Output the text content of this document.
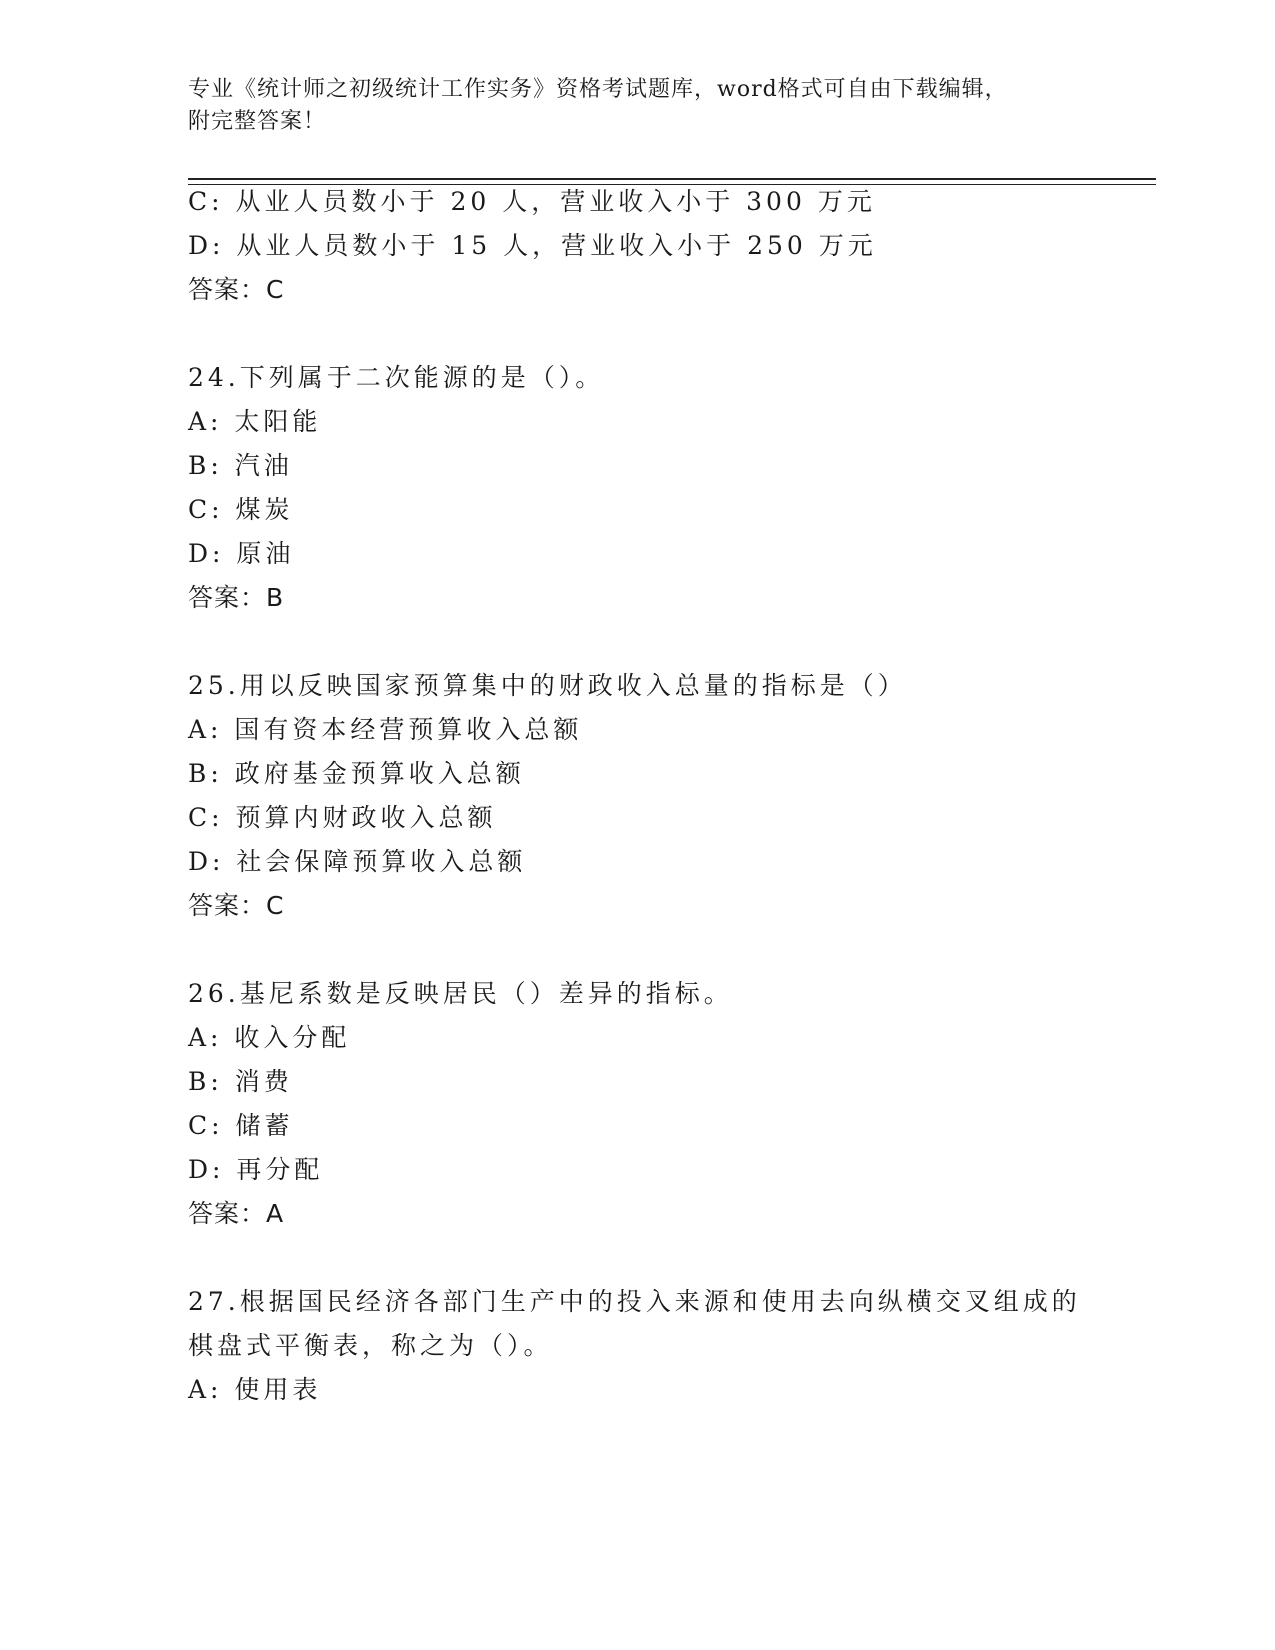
专业《统计师之初级统计工作实务》资格考试题库，word格式可自由下载编辑，
附完整答案！
C: 从业人员数小于 20 人，营业收入小于 300 万元
D: 从业人员数小于 15 人，营业收入小于 250 万元
答案：C
24.下列属于二次能源的是（）。
A: 太阳能
B: 汽油
C: 煤炭
D: 原油
答案：B
25.用以反映国家预算集中的财政收入总量的指标是（）
A: 国有资本经营预算收入总额
B: 政府基金预算收入总额
C: 预算内财政收入总额
D: 社会保障预算收入总额
答案：C
26.基尼系数是反映居民（）差异的指标。
A: 收入分配
B: 消费
C: 储蓄
D: 再分配
答案：A
27.根据国民经济各部门生产中的投入来源和使用去向纵横交叉组成的
棋盘式平衡表，称之为（）。
A: 使用表
